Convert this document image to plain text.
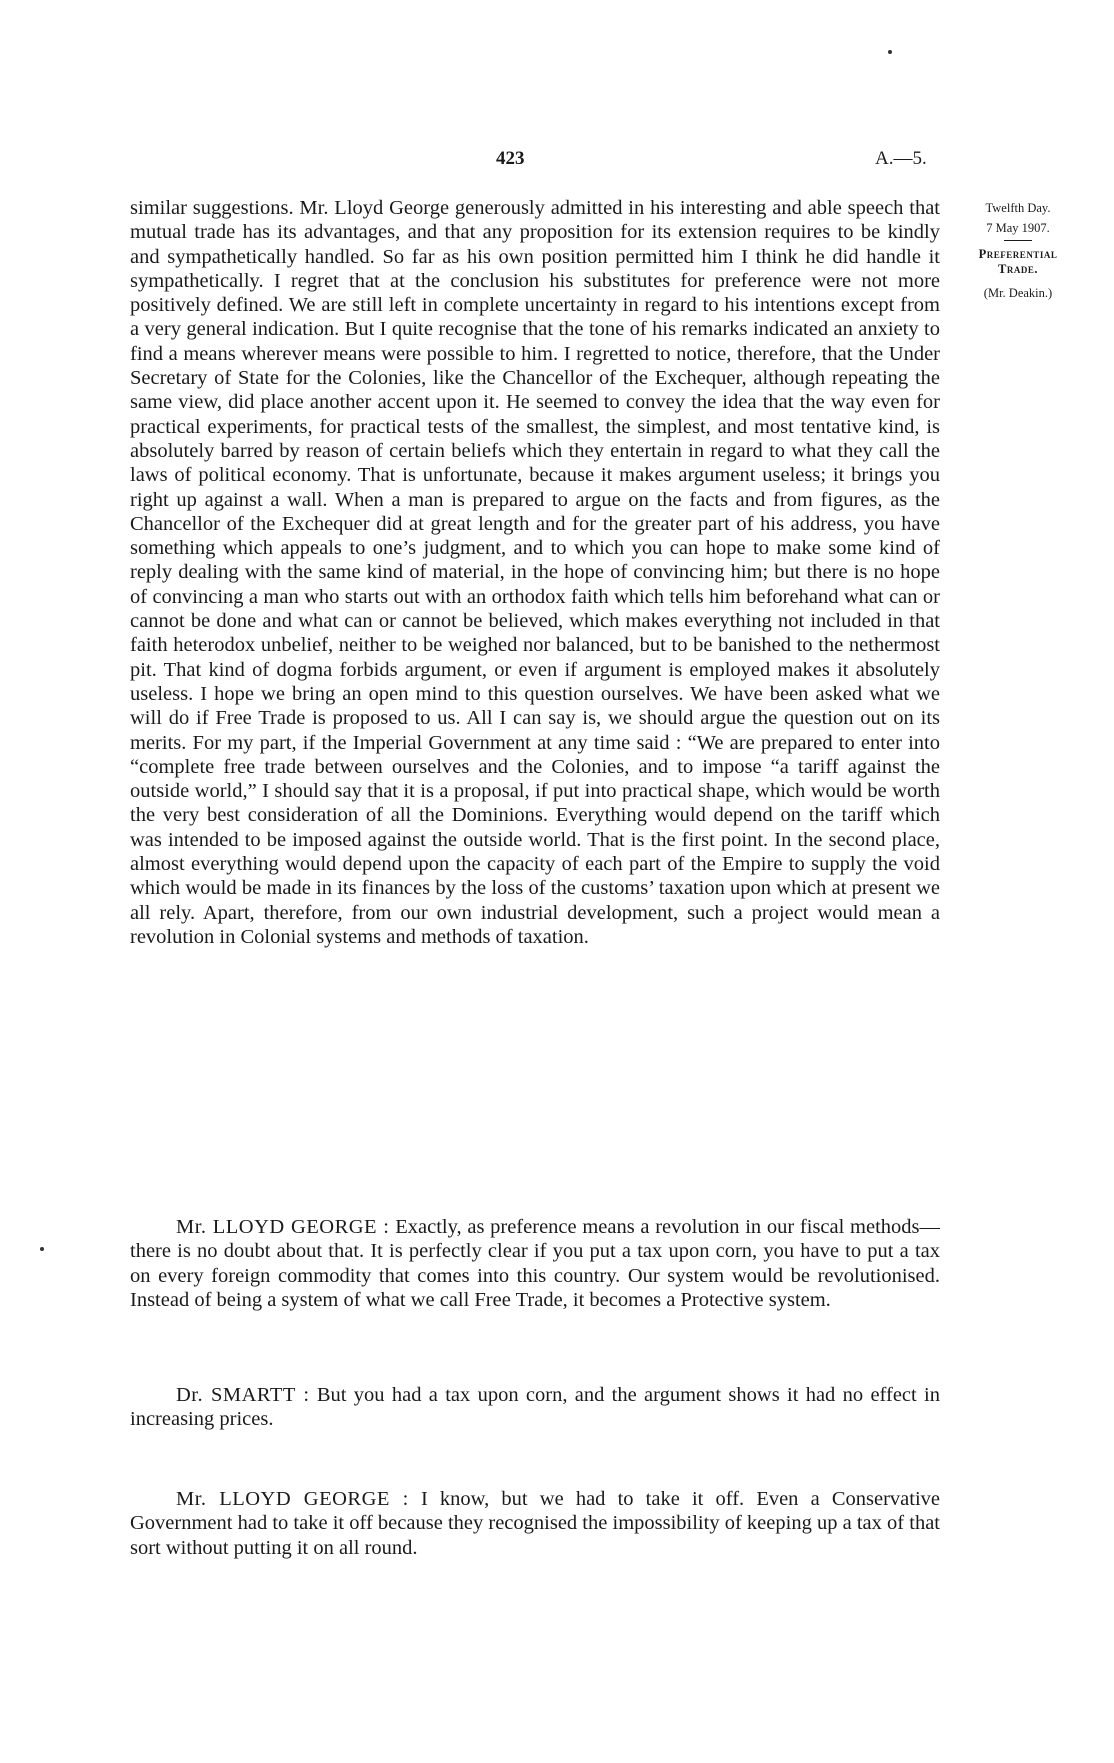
423	A.—5.

Twelfth Day.

7 May 1907.

Preferential Trade.

(Mr. Deakin.)

similar suggestions. Mr. Lloyd George generously admitted in his interesting and able speech that mutual trade has its advantages, and that any proposition for its extension requires to be kindly and sympathetically handled. So far as his own position permitted him I think he did handle it sympathetically. I regret that at the conclusion his substitutes for preference were not more positively defined. We are still left in complete uncertainty in regard to his intentions except from a very general indication. But I quite recognise that the tone of his remarks indicated an anxiety to find a means wherever means were possible to him. I regretted to notice, therefore, that the Under Secretary of State for the Colonies, like the Chancellor of the Exchequer, although repeating the same view, did place another accent upon it. He seemed to convey the idea that the way even for practical experiments, for practical tests of the smallest, the simplest, and most tentative kind, is absolutely barred by reason of certain beliefs which they entertain in regard to what they call the laws of political economy. That is unfortunate, because it makes argument useless; it brings you right up against a wall. When a man is prepared to argue on the facts and from figures, as the Chancellor of the Exchequer did at great length and for the greater part of his address, you have something which appeals to one’s judgment, and to which you can hope to make some kind of reply dealing with the same kind of material, in the hope of convincing him; but there is no hope of convincing a man who starts out with an orthodox faith which tells him beforehand what can or cannot be done and what can or cannot be believed, which makes everything not included in that faith heterodox unbelief, neither to be weighed nor balanced, but to be banished to the nethermost pit. That kind of dogma forbids argument, or even if argument is employed makes it absolutely useless. I hope we bring an open mind to this question ourselves. We have been asked what we will do if Free Trade is proposed to us. All I can say is, we should argue the question out on its merits. For my part, if the Imperial Government at any time said : “We are prepared to enter into “complete free trade between ourselves and the Colonies, and to impose “a tariff against the outside world,” I should say that it is a proposal, if put into practical shape, which would be worth the very best consideration of all the Dominions. Everything would depend on the tariff which was intended to be imposed against the outside world. That is the first point. In the second place, almost everything would depend upon the capacity of each part of the Empire to supply the void which would be made in its finances by the loss of the customs’ taxation upon which at present we all rely. Apart, therefore, from our own industrial development, such a project would mean a revolution in Colonial systems and methods of taxation.

Mr. LLOYD GEORGE : Exactly, as preference means a revolution in our fiscal methods—there is no doubt about that. It is perfectly clear if you put a tax upon corn, you have to put a tax on every foreign commodity that comes into this country. Our system would be revolutionised. Instead of being a system of what we call Free Trade, it becomes a Protective system.

Dr. SMARTT : But you had a tax upon corn, and the argument shows it had no effect in increasing prices.

Mr. LLOYD GEORGE : I know, but we had to take it off. Even a Conservative Government had to take it off because they recognised the impossibility of keeping up a tax of that sort without putting it on all round.
